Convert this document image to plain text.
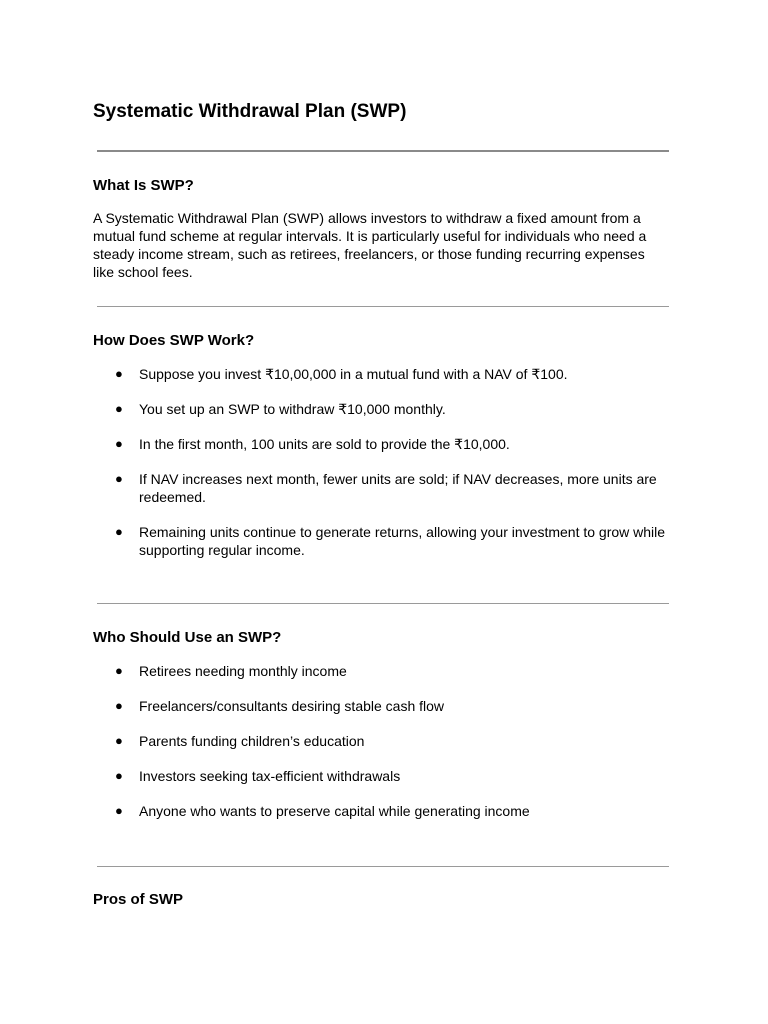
Systematic Withdrawal Plan (SWP)
What Is SWP?

A Systematic Withdrawal Plan (SWP) allows investors to withdraw a fixed amount from a mutual fund scheme at regular intervals. It is particularly useful for individuals who need a steady income stream, such as retirees, freelancers, or those funding recurring expenses like school fees.

How Does SWP Work?
● Suppose you invest ₹10,00,000 in a mutual fund with a NAV of ₹100.
● You set up an SWP to withdraw ₹10,000 monthly.
● In the first month, 100 units are sold to provide the ₹10,000.
● If NAV increases next month, fewer units are sold; if NAV decreases, more units are redeemed.
● Remaining units continue to generate returns, allowing your investment to grow while supporting regular income.
Who Should Use an SWP?
● Retirees needing monthly income
● Freelancers/consultants desiring stable cash flow
● Parents funding children’s education
● Investors seeking tax-efficient withdrawals
● Anyone who wants to preserve capital while generating income
Pros of SWP
